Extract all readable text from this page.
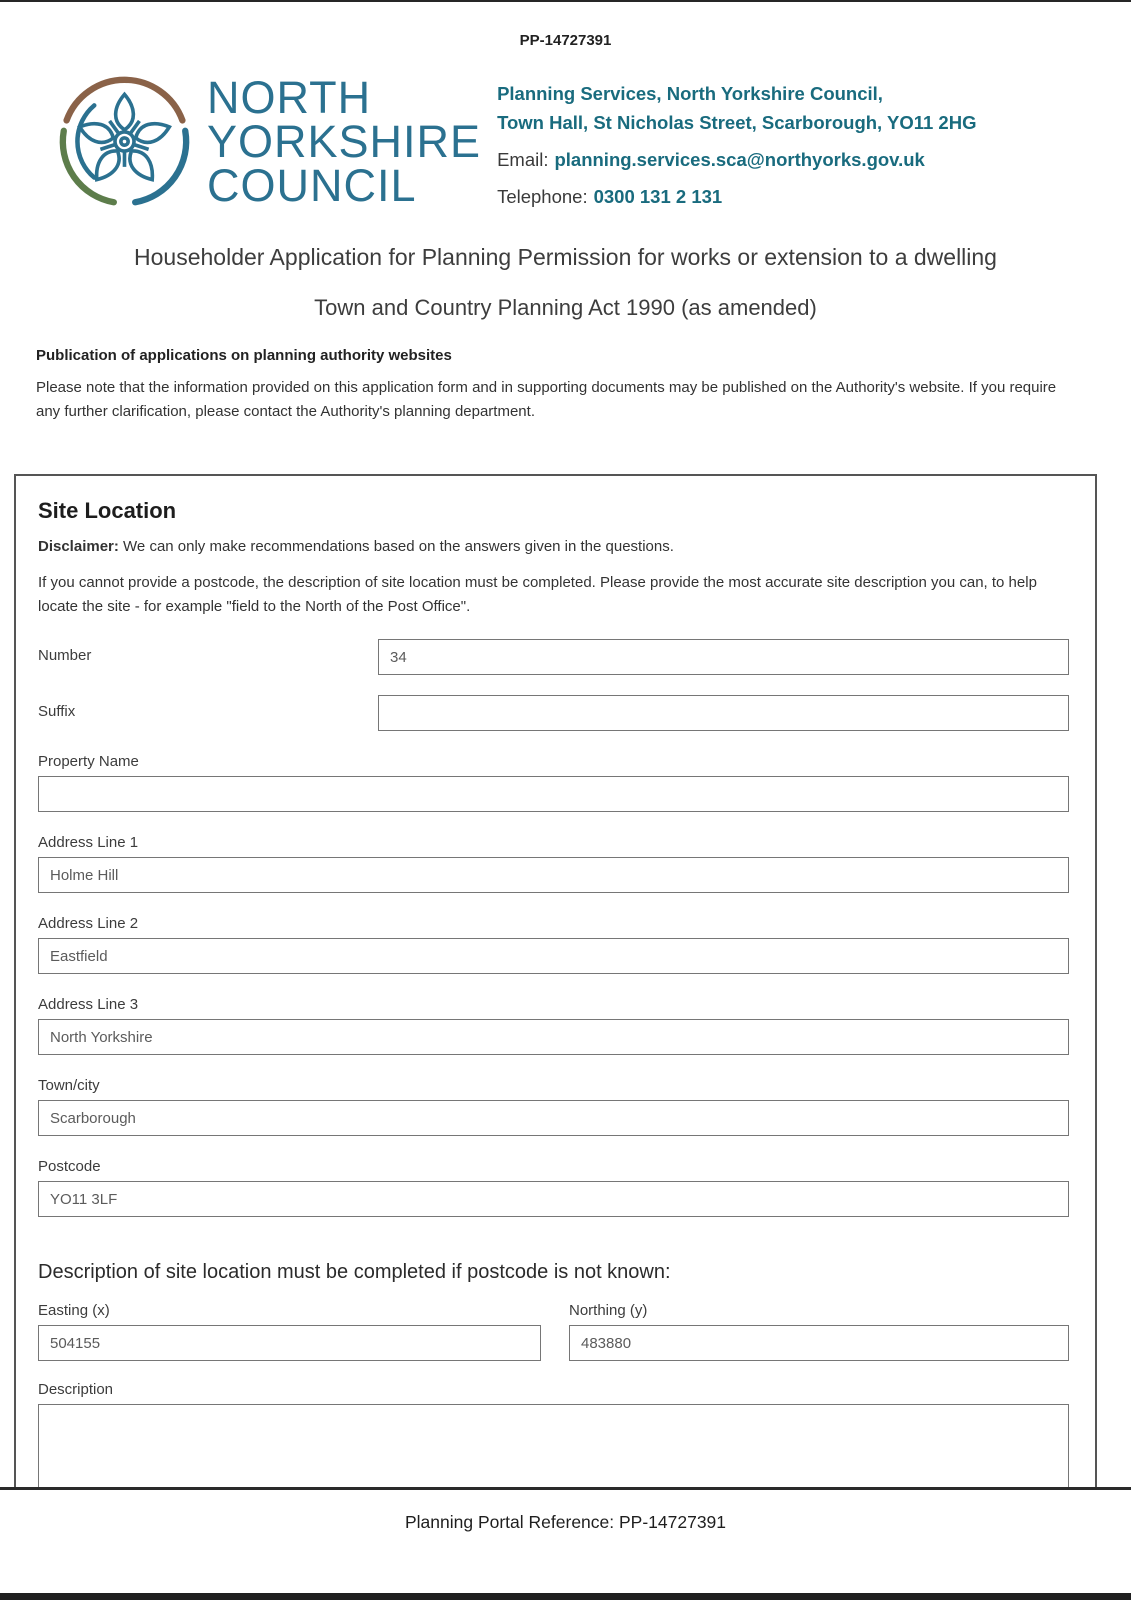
PP-14727391
NORTH
YORKSHIRE
COUNCIL
Planning Services, North Yorkshire Council,
Town Hall, St Nicholas Street, Scarborough, YO11 2HG
Email: planning.services.sca@northyorks.gov.uk
Telephone: 0300 131 2 131
Householder Application for Planning Permission for works or extension to a dwelling
Town and Country Planning Act 1990 (as amended)
Publication of applications on planning authority websites

Please note that the information provided on this application form and in supporting documents may be published on the Authority's website. If you require any further clarification, please contact the Authority's planning department.

Site Location

Disclaimer: We can only make recommendations based on the answers given in the questions.

If you cannot provide a postcode, the description of site location must be completed. Please provide the most accurate site description you can, to help locate the site - for example "field to the North of the Post Office".

Number
34
Suffix
Property Name
Address Line 1
Holme Hill
Address Line 2
Eastfield
Address Line 3
North Yorkshire
Town/city
Scarborough
Postcode
YO11 3LF
Description of site location must be completed if postcode is not known:
Easting (x)
504155	Northing (y)
483880
Description
Planning Portal Reference: PP-14727391
